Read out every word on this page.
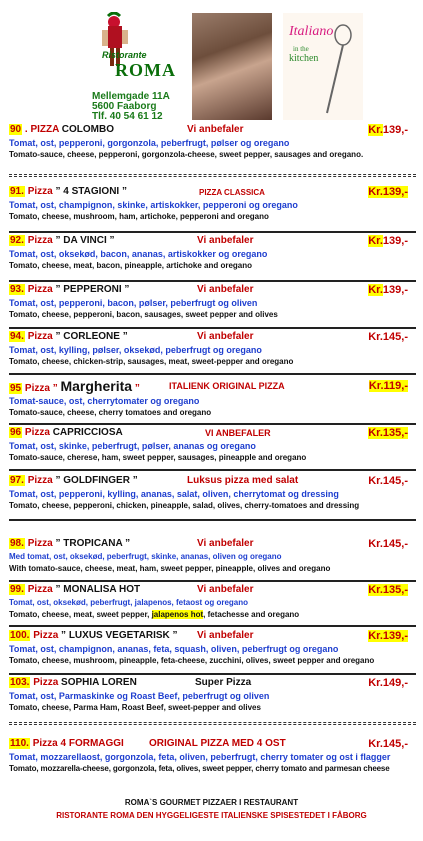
Ristorante
ROMA
Mellemgade 11A
5600 Faaborg
Tlf. 40 54 61 12
Italiano
in the
kitchen
90 . PIZZA COLOMBO	Vi anbefaler	Kr.139,-
Tomat, ost, pepperoni, gorgonzola, peberfrugt, pølser og oregano
Tomato-sauce, cheese, pepperoni, gorgonzola-cheese, sweet pepper, sausages and oregano.
91. Pizza ” 4 STAGIONI ”	PIZZA CLASSICA	Kr.139,-
Tomat, ost, champignon, skinke, artiskokker, pepperoni og oregano
Tomato, cheese, mushroom, ham, artichoke, pepperoni and oregano
92. Pizza ” DA VINCI ”	Vi anbefaler	Kr.139,-
Tomat, ost, oksekød, bacon, ananas, artiskokker og oregano
Tomato, cheese, meat, bacon, pineapple, artichoke and oregano
93. Pizza ” PEPPERONI ”	Vi anbefaler	Kr.139,-
Tomat, ost, pepperoni, bacon, pølser, peberfrugt og oliven
Tomato, cheese, pepperoni, bacon, sausages, sweet pepper and olives
94. Pizza ” CORLEONE ”	Vi anbefaler	Kr.145,-
Tomat, ost, kylling, pølser, oksekød, peberfrugt og oregano
Tomato, cheese, chicken-strip, sausages, meat, sweet-pepper and oregano
95 Pizza ” Margherita ”	ITALIENK ORIGINAL PIZZA	Kr.119,-
Tomat-sauce, ost, cherrytomater og oregano
Tomato-sauce, cheese, cherry tomatoes and oregano
96 Pizza CAPRICCIOSA	VI ANBEFALER	Kr.135,-
Tomat, ost, skinke, peberfrugt, pølser, ananas og oregano
Tomato-sauce, cherese, ham, sweet pepper, sausages, pineapple and oregano
97. Pizza ” GOLDFINGER ”	Luksus pizza med salat	Kr.145,-
Tomat, ost, pepperoni, kylling, ananas, salat, oliven, cherrytomat og dressing
Tomato, cheese, pepperoni, chicken, pineapple, salad, olives, cherry-tomatoes and dressing
98. Pizza ” TROPICANA ”	Vi anbefaler	Kr.145,-
Med tomat, ost, oksekød, peberfrugt, skinke, ananas, oliven og oregano
With tomato-sauce, cheese, meat, ham, sweet pepper, pineapple, olives and oregano
99. Pizza ” MONALISA HOT	Vi anbefaler	Kr.135,-
Tomat, ost, oksekød, peberfrugt, jalapenos, fetaost og oregano
Tomato, cheese, meat, sweet pepper, jalapenos hot, fetachesse and oregano
100. Pizza ” LUXUS VEGETARISK ” Vi anbefaler	Kr.139,-
Tomat, ost, champignon, ananas, feta, squash, oliven, peberfrugt og oregano
Tomato, cheese, mushroom, pineapple, feta-cheese, zucchini, olives, sweet pepper and oregano
103. Pizza SOPHIA LOREN	Super Pizza	Kr.149,-
Tomat, ost, Parmaskinke og Roast Beef, peberfrugt og oliven
Tomato, cheese, Parma Ham, Roast Beef, sweet-pepper and olives
110. Pizza 4 FORMAGGI	ORIGINAL PIZZA MED 4 OST	Kr.145,-
Tomat, mozzarellaost, gorgonzola, feta, oliven, peberfrugt, cherry tomater og ost i flagger
Tomato, mozzarella-cheese, gorgonzola, feta, olives, sweet pepper, cherry tomato and parmesan cheese
ROMA`S GOURMET PIZZAER I RESTAURANT
RISTORANTE ROMA DEN HYGGELIGESTE ITALIENSKE SPISESTEDET I FÅBORG
